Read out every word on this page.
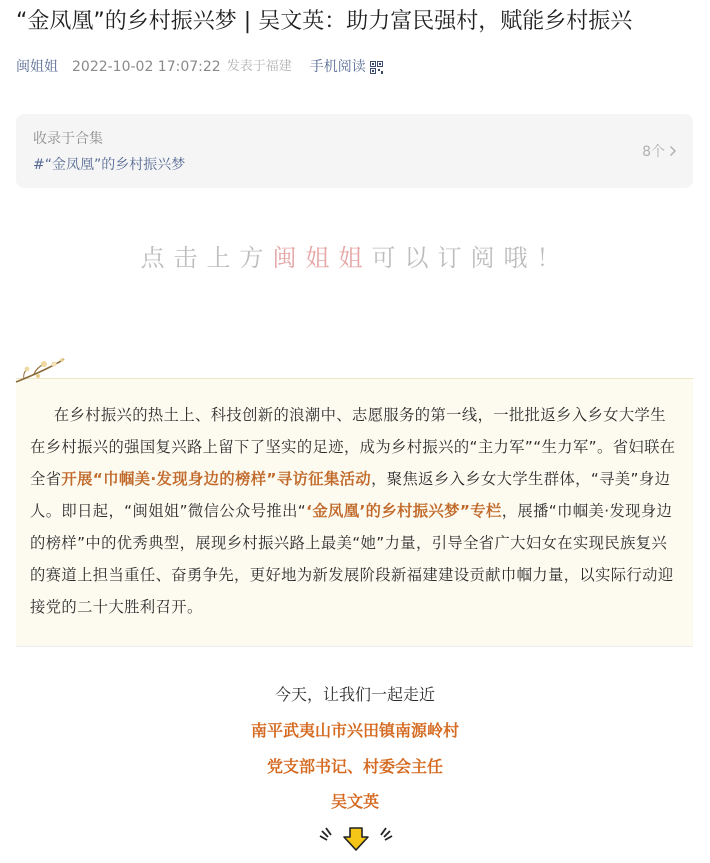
“金凤凰”的乡村振兴梦 | 吴文英：助力富民强村，赋能乡村振兴
闽姐姐 2022-10-02 17:07:22 发表于福建 手机阅读
收录于合集
#“金凤凰”的乡村振兴梦
8个
点击上方闽姐姐可以订阅哦！
  在乡村振兴的热土上、科技创新的浪潮中、志愿服务的第一线，一批批返乡入乡女大学生在乡村振兴的强国复兴路上留下了坚实的足迹，成为乡村振兴的“主力军”“生力军”。省妇联在全省开展“巾帼美·发现身边的榜样”寻访征集活动，聚焦返乡入乡女大学生群体，“寻美”身边人。即日起，“闽姐姐”微信公众号推出“‘金凤凰’的乡村振兴梦”专栏，展播“巾帼美·发现身边的榜样”中的优秀典型，展现乡村振兴路上最美“她”力量，引导全省广大妇女在实现民族复兴的赛道上担当重任、奋勇争先，更好地为新发展阶段新福建建设贡献巾帼力量，以实际行动迎接党的二十大胜利召开。
今天，让我们一起走近
南平武夷山市兴田镇南源岭村
党支部书记、村委会主任
吴文英
